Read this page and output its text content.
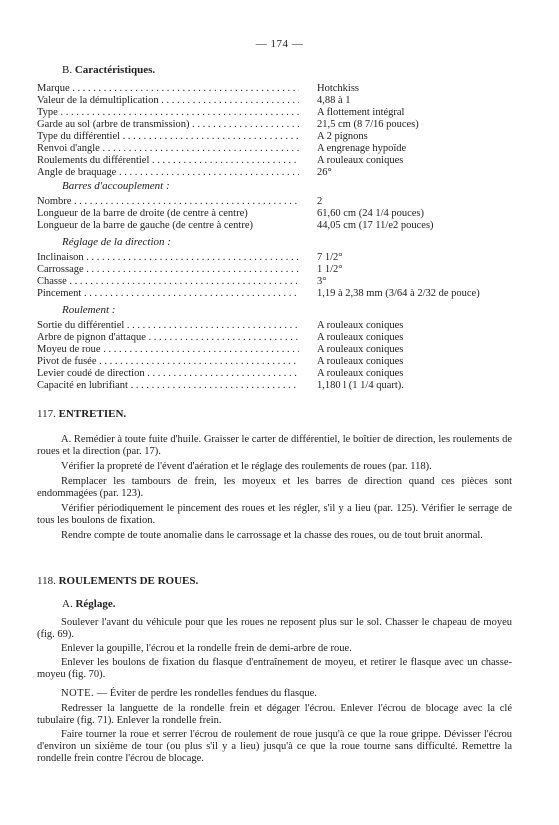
— 174 —
B. Caractéristiques.
Marque . . .	Hotchkiss
Valeur de la démultiplication . . .	4,88 à 1
Type . . .	A flottement intégral
Garde au sol (arbre de transmission) . . .	21,5 cm (8 7/16 pouces)
Type du différentiel . . .	A 2 pignons
Renvoi d'angle . . .	A engrenage hypoïde
Roulements du différentiel . . .	A rouleaux coniques
Angle de braquage . . .	26°
Barres d'accouplement :
Nombre . . .	2
Longueur de la barre de droite (de centre à centre)	61,60 cm (24 1/4 pouces)
Longueur de la barre de gauche (de centre à centre)	44,05 cm (17 11/e2 pouces)
Réglage de la direction :
Inclinaison . . .	7 1/2°
Carrossage . . .	1 1/2°
Chasse . . .	3°
Pincement . . .	1,19 à 2,38 mm (3/64 à 2/32 de pouce)
Roulement :
Sortie du différentiel . . .	A rouleaux coniques
Arbre de pignon d'attaque . . .	A rouleaux coniques
Moyeu de roue . . .	A rouleaux coniques
Pivot de fusée . . .	A rouleaux coniques
Levier coudé de direction . . .	A rouleaux coniques
Capacité en lubrifiant . . .	1,180 l (1 1/4 quart).
117. ENTRETIEN.
A. Remédier à toute fuite d'huile. Graisser le carter de différentiel, le boîtier de direction, les roulements de roues et la direction (par. 17).
Vérifier la propreté de l'évent d'aération et le réglage des roulements de roues (par. 118).
Remplacer les tambours de frein, les moyeux et les barres de direction quand ces pièces sont endommagées (par. 123).
Vérifier périodiquement le pincement des roues et les régler, s'il y a lieu (par. 125). Vérifier le serrage de tous les boulons de fixation.
Rendre compte de toute anomalie dans le carrossage et la chasse des roues, ou de tout bruit anormal.
118. ROULEMENTS DE ROUES.
A. Réglage.
Soulever l'avant du véhicule pour que les roues ne reposent plus sur le sol. Chasser le chapeau de moyeu (fig. 69).
Enlever la goupille, l'écrou et la rondelle frein de demi-arbre de roue.
Enlever les boulons de fixation du flasque d'entraînement de moyeu, et retirer le flasque avec un chasse-moyeu (fig. 70).
NOTE. — Éviter de perdre les rondelles fendues du flasque.
Redresser la languette de la rondelle frein et dégager l'écrou. Enlever l'écrou de blocage avec la clé tubulaire (fig. 71). Enlever la rondelle frein.
Faire tourner la roue et serrer l'écrou de roulement de roue jusqu'à ce que la roue grippe. Dévisser l'écrou d'environ un sixième de tour (ou plus s'il y a lieu) jusqu'à ce que la roue tourne sans difficulté. Remettre la rondelle frein contre l'écrou de blocage.
